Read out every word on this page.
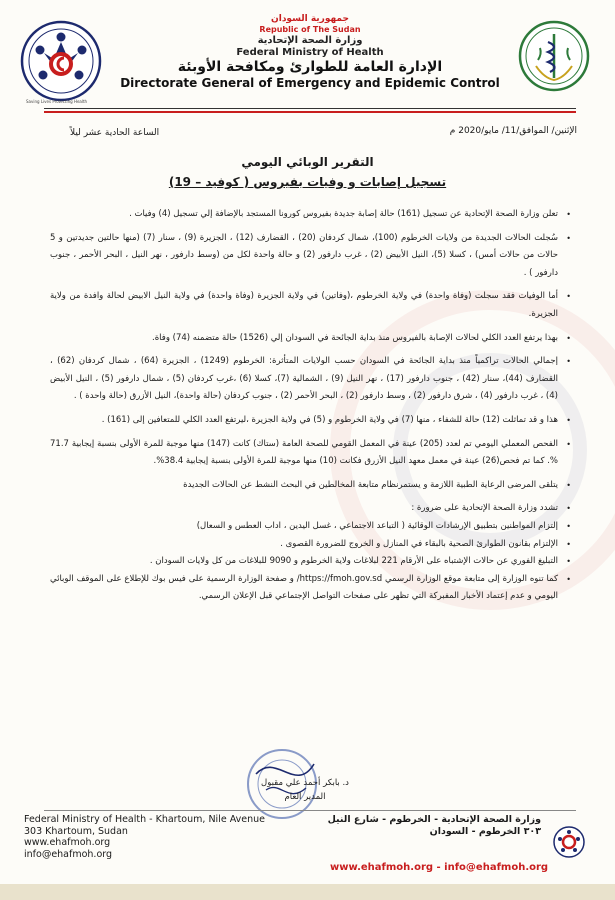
Saving Lives Protecting Health
جمهورية السودان
Republic of The Sudan
وزارة الصحة الإتحادية
Federal Ministry of Health
الإدارة العامة للطوارئ ومكافحة الأوبئة
Directorate General of Emergency and Epidemic Control
الإثنين/ الموافق/11/ مايو/2020 م
الساعة الحادية عشر ليلاً
التقرير الوبائي اليومي
تسجيل إصابات و وفيات بفيروس ( كوفيد – 19)
•
تعلن وزارة الصحة الإتحادية عن تسجيل (161) حالة إصابة جديدة بفيروس كورونا المستجد بالإضافة إلي تسجيل (4) وفيات .
•
سُجلت الحالات الجديدة من ولايات الخرطوم (100)، شمال كردفان (20) ، القضارف (12) ، الجزيرة (9) ، سنار (7) (منها حالتين جديدتين و 5 حالات من حالات أمس) ، كسلا (5)، النيل الأبيض (2) ، غرب دارفور (2) و حالة واحدة لكل من (وسط دارفور ، نهر النيل ، البحر الأحمر ، جنوب دارفور ) .
•
أما الوفيات فقد سجلت (وفاة واحدة) في ولاية الخرطوم ،(وفاتين) في ولاية الجزيرة (وفاة واحدة) في ولاية النيل الابيض لحالة وافدة من ولاية الجزيرة.
•
بهذا يرتفع العدد الكلي لحالات الإصابة بالفيروس منذ بداية الجائحة في السودان إلي (1526) حالة متضمنه (74) وفاة.
•
إجمالي الحالات تراكمياً منذ بداية الجائحة في السودان حسب الولايات المتأثرة: الخرطوم (1249) ، الجزيرة (64) ، شمال كردفان (62) ، القضارف (44)، سنار (42) ، جنوب دارفور (17) ، نهر النيل (9) ، الشمالية (7)، كسلا (6) ،غرب كردفان (5) ، شمال دارفور (5) ، النيل الأبيض (4) ، غرب دارفور (4) ، شرق دارفور (2) ، وسط دارفور (2) ، البحر الأحمر (2) ، جنوب كردفان (حالة واحدة)، النيل الأزرق (حالة واحدة ) .
•
هذا و قد تماثلت (12) حالة للشفاء ، منها (7) في ولاية الخرطوم و (5) في ولاية الجزيرة ،ليرتفع العدد الكلي للمتعافين إلى (161) .
•
الفحص المعملي اليومي تم لعدد (205) عينة في المعمل القومي للصحة العامة (ستاك) كانت (147) منها موجبة للمرة الأولى بنسبة إيجابية 71.7 %. كما تم فحص(26) عينة في معمل معهد النيل الأزرق فكانت (10) منها موجبة للمرة الأولى بنسبة إيجابية 38.4%.
•
يتلقى المرضى الرعاية الطبية اللازمة و يستمرنظام متابعة المخالطين في البحث النشط عن الحالات الجديدة
•
تشدد وزارة الصحة الإتحادية على ضرورة :
•
إلتزام المواطنين بتطبيق الإرشادات الوقائية ( التباعد الاجتماعي ، غسل اليدين ، اداب العطس و السعال)
•
الإلتزام بقانون الطوارئ الصحية بالبقاء في المنازل و الخروج للضرورة القصوى .
•
التبليغ الفوري عن حالات الإشتباه على الأرقام 221 لبلاغات ولاية الخرطوم و 9090 للبلاغات من كل ولايات السودان .
•
كما تنوه الوزارة إلى متابعة موقع الوزارة الرسمي https://fmoh.gov.sd/ و صفحة الوزارة الرسمية على فيس بوك للإطلاع على الموقف الوبائي اليومي و عدم إعتماد الأخبار المفبركة التي تظهر على صفحات التواصل الإجتماعي قبل الإعلان الرسمي.
د. بابكر أحمد علي مقبول
المدير العام
Federal Ministry of Health - Khartoum, Nile Avenue
303 Khartoum, Sudan
www.ehafmoh.org
info@ehafmoh.org
وزارة الصحة الإتحادية - الخرطوم - شارع النيل
٣٠٣ الخرطوم - السودان
www.ehafmoh.org - info@ehafmoh.org
